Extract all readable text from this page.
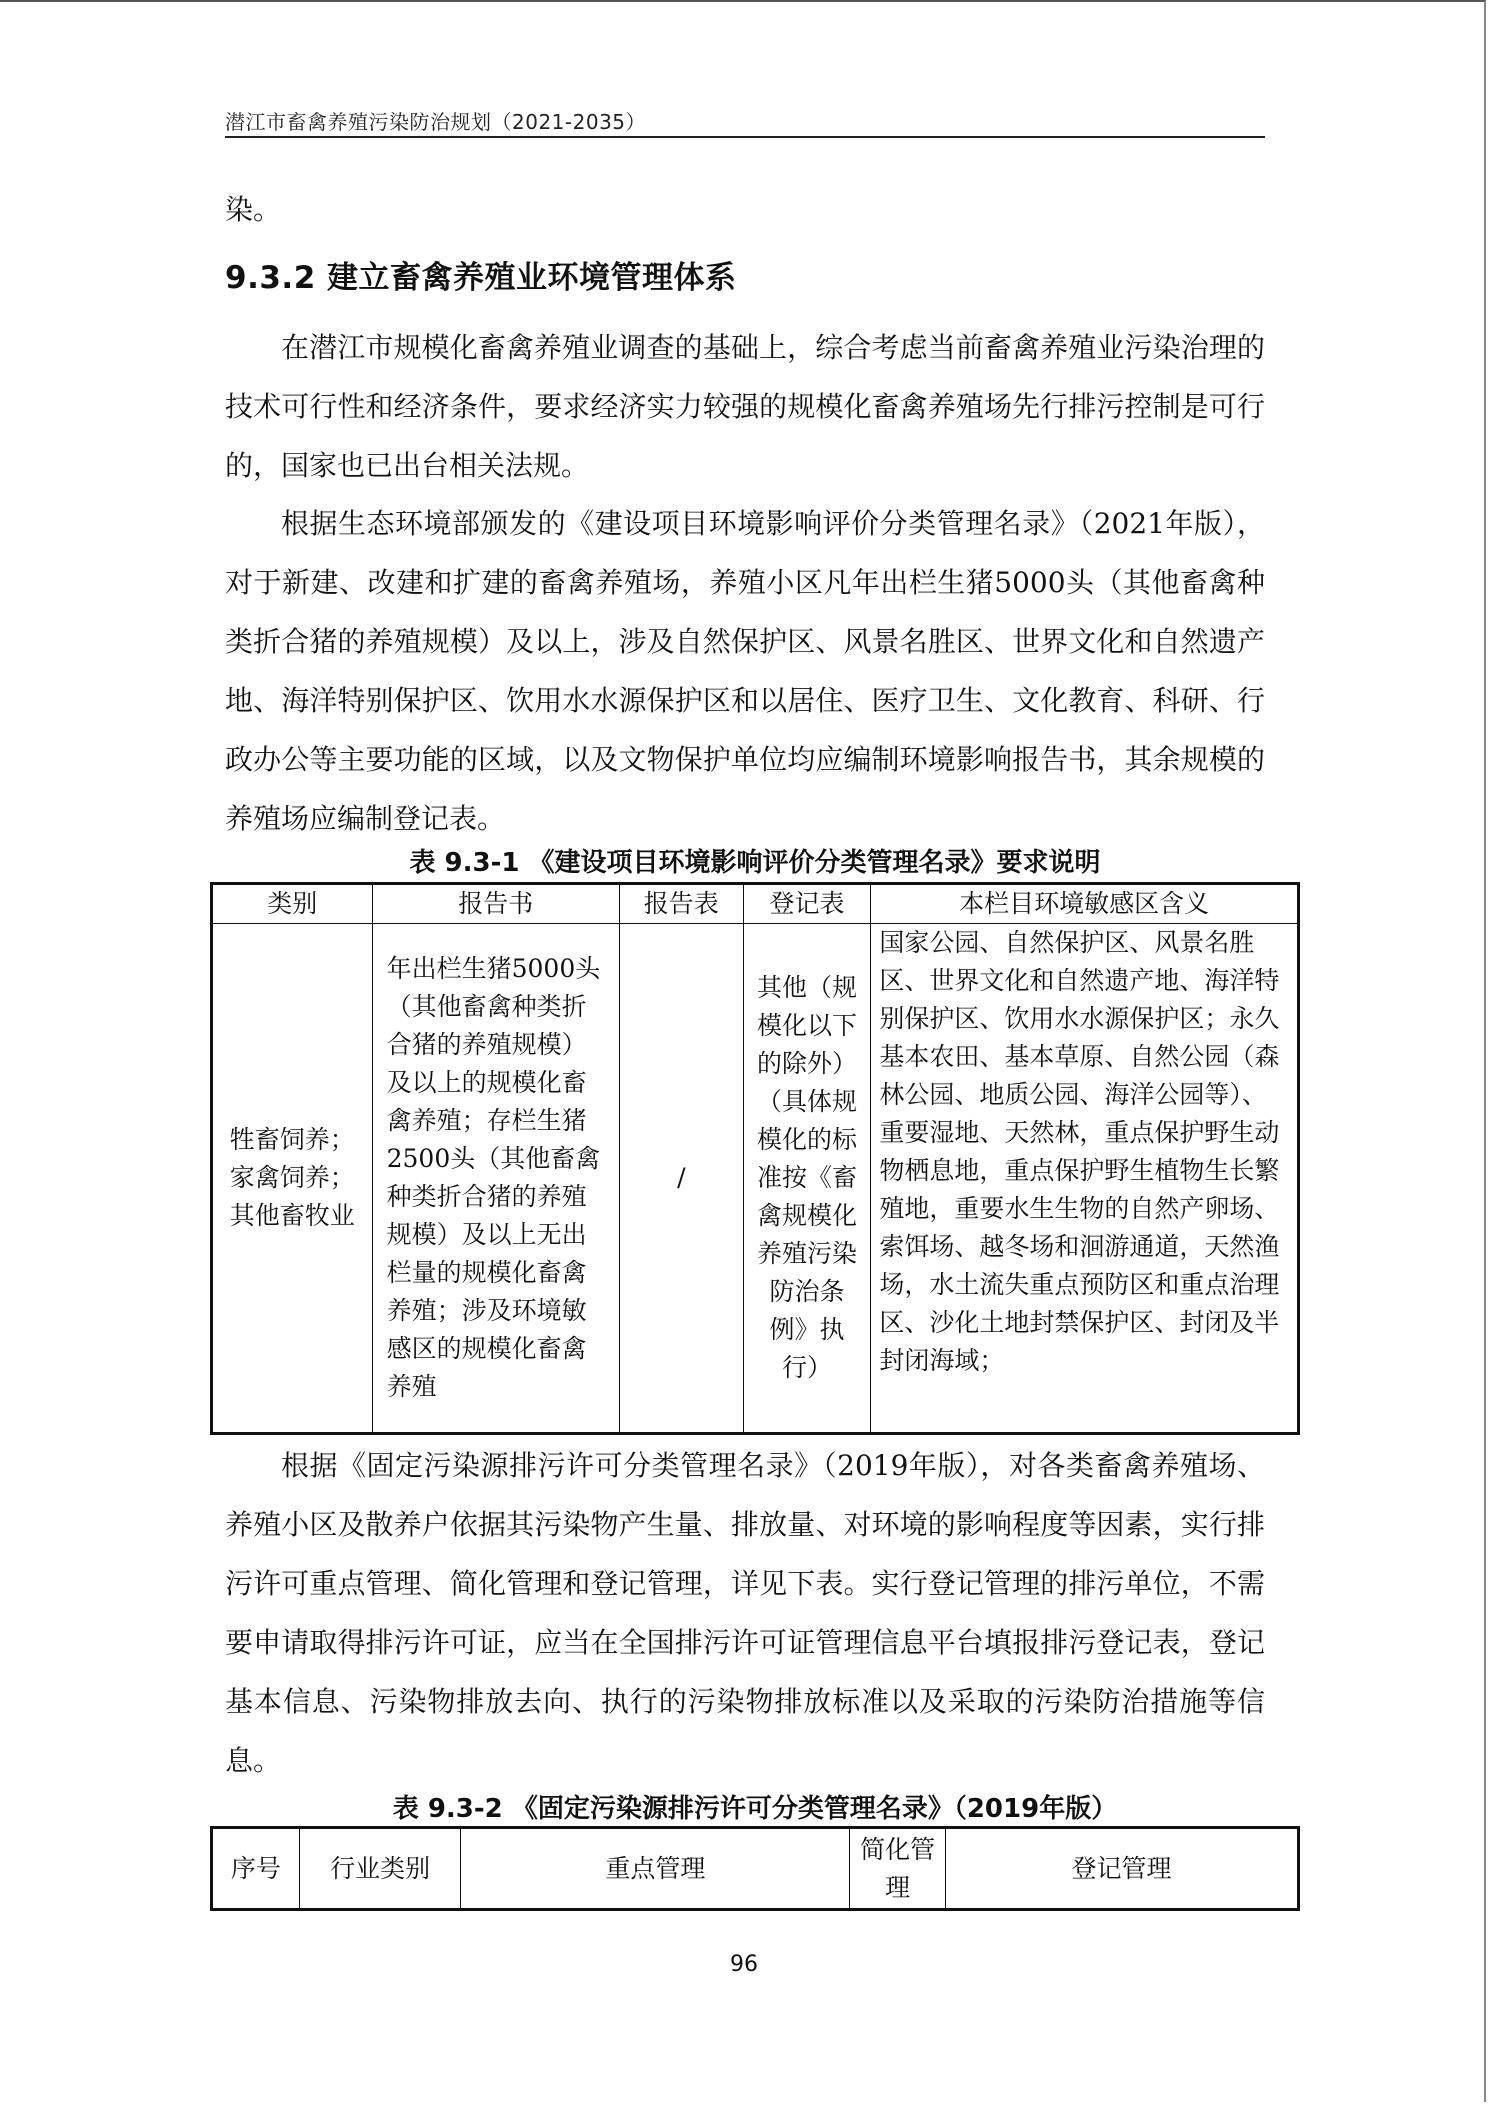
潜江市畜禽养殖污染防治规划（2021-2035）
染。
9.3.2 建立畜禽养殖业环境管理体系
在潜江市规模化畜禽养殖业调查的基础上，综合考虑当前畜禽养殖业污染治理的技术可行性和经济条件，要求经济实力较强的规模化畜禽养殖场先行排污控制是可行的，国家也已出台相关法规。
根据生态环境部颁发的《建设项目环境影响评价分类管理名录》（2021年版），对于新建、改建和扩建的畜禽养殖场，养殖小区凡年出栏生猪5000头（其他畜禽种类折合猪的养殖规模）及以上，涉及自然保护区、风景名胜区、世界文化和自然遗产地、海洋特别保护区、饮用水水源保护区和以居住、医疗卫生、文化教育、科研、行政办公等主要功能的区域，以及文物保护单位均应编制环境影响报告书，其余规模的养殖场应编制登记表。
表 9.3-1 《建设项目环境影响评价分类管理名录》要求说明
类别	报告书	报告表	登记表	本栏目环境敏感区含义
牲畜饲养；家禽饲养；其他畜牧业	年出栏生猪5000头（其他畜禽种类折合猪的养殖规模）及以上的规模化畜禽养殖；存栏生猪2500头（其他畜禽种类折合猪的养殖规模）及以上无出栏量的规模化畜禽养殖；涉及环境敏感区的规模化畜禽养殖	/	其他（规模化以下的除外）（具体规模化的标准按《畜禽规模化养殖污染防治条例》执行）	国家公园、自然保护区、风景名胜区、世界文化和自然遗产地、海洋特别保护区、饮用水水源保护区；永久基本农田、基本草原、自然公园（森林公园、地质公园、海洋公园等）、重要湿地、天然林，重点保护野生动物栖息地，重点保护野生植物生长繁殖地，重要水生生物的自然产卵场、索饵场、越冬场和洄游通道，天然渔场，水土流失重点预防区和重点治理区、沙化土地封禁保护区、封闭及半封闭海域；
根据《固定污染源排污许可分类管理名录》（2019年版），对各类畜禽养殖场、养殖小区及散养户依据其污染物产生量、排放量、对环境的影响程度等因素，实行排污许可重点管理、简化管理和登记管理，详见下表。实行登记管理的排污单位，不需要申请取得排污许可证，应当在全国排污许可证管理信息平台填报排污登记表，登记基本信息、污染物排放去向、执行的污染物排放标准以及采取的污染防治措施等信息。
表 9.3-2 《固定污染源排污许可分类管理名录》（2019年版）
序号	行业类别	重点管理	简化管理	登记管理
96
